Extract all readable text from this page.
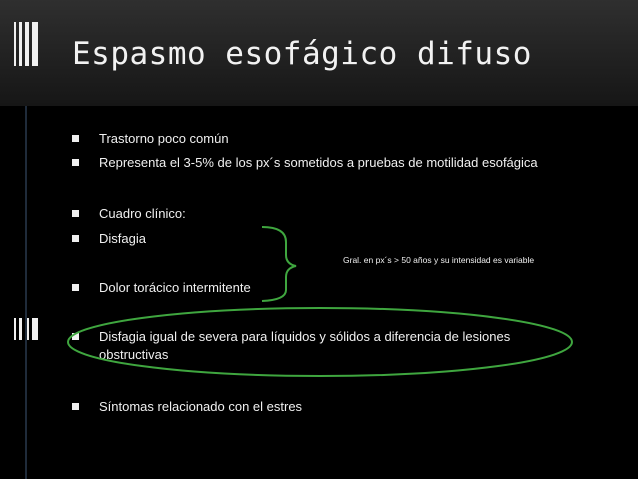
Espasmo esofágico difuso
Trastorno poco común
Representa el 3-5% de los px´s sometidos a pruebas de motilidad esofágica
Cuadro clínico:
Disfagia
Dolor torácico intermitente
Disfagia igual de severa para líquidos y sólidos a diferencia de lesiones obstructivas
Síntomas relacionado con el estres
Gral. en px´s > 50 años y su intensidad es variable
